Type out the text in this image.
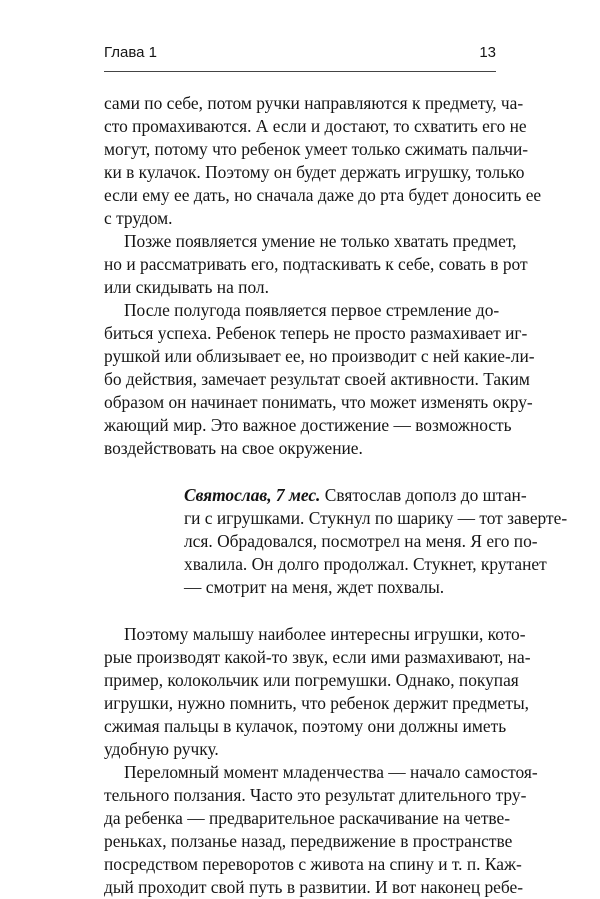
Глава 1	13
сами по себе, потом ручки направляются к предмету, ча-
сто промахиваются. А если и достают, то схватить его не
могут, потому что ребенок умеет только сжимать пальчи-
ки в кулачок. Поэтому он будет держать игрушку, только
если ему ее дать, но сначала даже до рта будет доносить ее
с трудом.
Позже появляется умение не только хватать предмет,
но и рассматривать его, подтаскивать к себе, совать в рот
или скидывать на пол.
После полугода появляется первое стремление до-
биться успеха. Ребенок теперь не просто размахивает иг-
рушкой или облизывает ее, но производит с ней какие-ли-
бо действия, замечает результат своей активности. Таким
образом он начинает понимать, что может изменять окру-
жающий мир. Это важное достижение — возможность
воздействовать на свое окружение.
Святослав, 7 мес. Святослав дополз до штан-
ги с игрушками. Стукнул по шарику — тот заверте-
лся. Обрадовался, посмотрел на меня. Я его по-
хвалила. Он долго продолжал. Стукнет, крутанет
— смотрит на меня, ждет похвалы.
Поэтому малышу наиболее интересны игрушки, кото-
рые производят какой-то звук, если ими размахивают, на-
пример, колокольчик или погремушки. Однако, покупая
игрушки, нужно помнить, что ребенок держит предметы,
сжимая пальцы в кулачок, поэтому они должны иметь
удобную ручку.
Переломный момент младенчества — начало самостоя-
тельного ползания. Часто это результат длительного тру-
да ребенка — предварительное раскачивание на четве-
реньках, ползанье назад, передвижение в пространстве
посредством переворотов с живота на спину и т. п. Каж-
дый проходит свой путь в развитии. И вот наконец ребе-
